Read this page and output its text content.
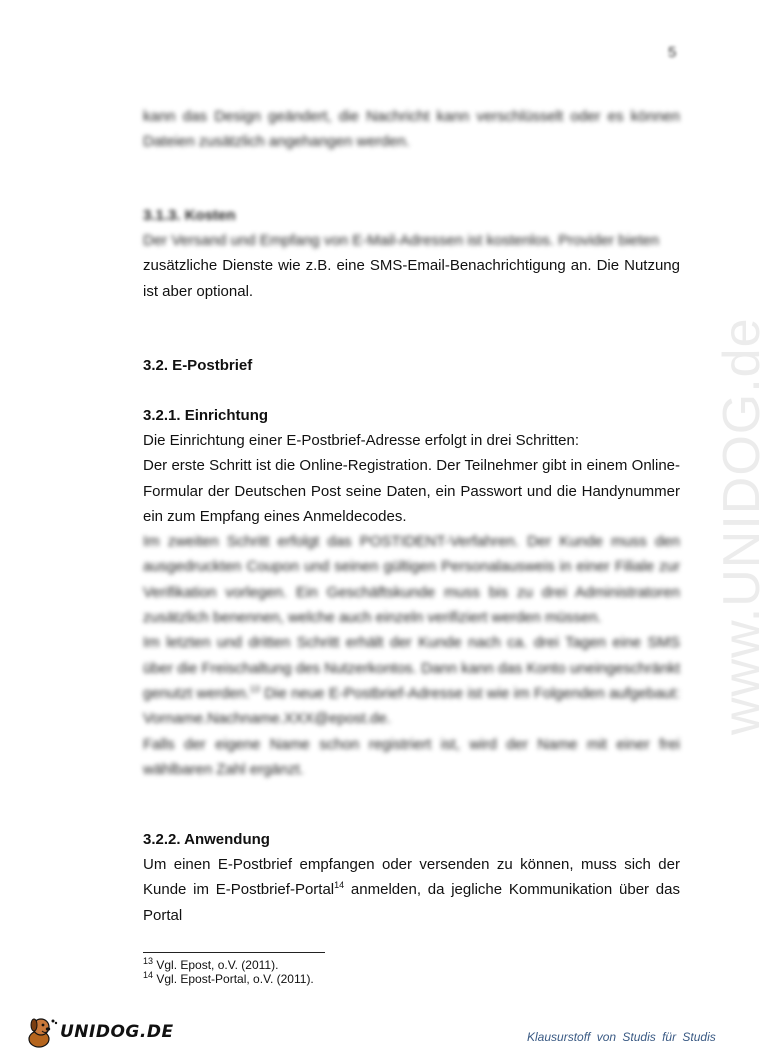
www.UNIDOG.de
5

kann das Design geändert, die Nachricht kann verschlüsselt oder es können Dateien zusätzlich angehangen werden.

3.1.3. Kosten

Der Versand und Empfang von E-Mail-Adressen ist kostenlos. Provider bieten zusätzliche Dienste wie z.B. eine SMS-Email-Benachrichtigung an. Die Nutzung ist aber optional.

3.2. E-Postbrief

3.2.1. Einrichtung

Die Einrichtung einer E-Postbrief-Adresse erfolgt in drei Schritten:

Der erste Schritt ist die Online-Registration. Der Teilnehmer gibt in einem Online-Formular der Deutschen Post seine Daten, ein Passwort und die Handynummer ein zum Empfang eines Anmeldecodes.

Im zweiten Schritt erfolgt das POSTIDENT-Verfahren. Der Kunde muss den ausgedruckten Coupon und seinen gültigen Personalausweis in einer Filiale zur Verifikation vorlegen. Ein Geschäftskunde muss bis zu drei Administratoren zusätzlich benennen, welche auch einzeln verifiziert werden müssen.

Im letzten und dritten Schritt erhält der Kunde nach ca. drei Tagen eine SMS über die Freischaltung des Nutzerkontos. Dann kann das Konto uneingeschränkt genutzt werden.$^{13}$ Die neue E-Postbrief-Adresse ist wie im Folgenden aufgebaut: Vorname.Nachname.XXX@epost.de.

Falls der eigene Name schon registriert ist, wird der Name mit einer frei wählbaren Zahl ergänzt.

3.2.2. Anwendung

Um einen E-Postbrief empfangen oder versenden zu können, muss sich der Kunde im E-Postbrief-Portal$^{14}$ anmelden, da jegliche Kommunikation über das Portal

$^{13}$ Vgl. Epost, o.V. (2011).
$^{14}$ Vgl. Epost-Portal, o.V. (2011).
UNIDOG.DE	Klausurstoff von Studis für Studis
